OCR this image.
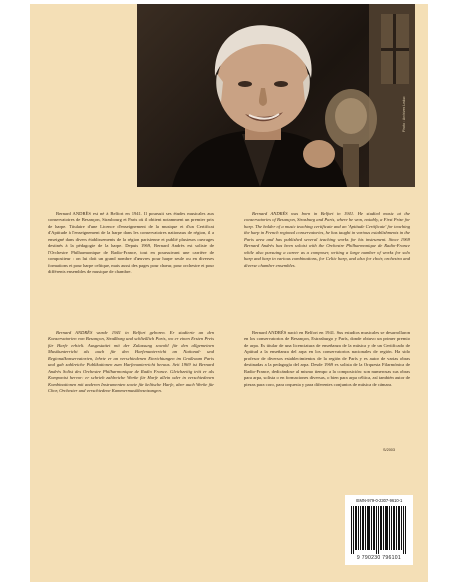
Photo : Archives Leduc

Bernard ANDRÈS est né à Belfort en 1941. Il poursuit ses études musicales aux conservatoires de Besançon, Strasbourg et Paris où il obtient notamment un premier prix de harpe. Titulaire d'une Licence d'enseignement de la musique et d'un Certificat d'Aptitude à l'enseignement de la harpe dans les conservatoires nationaux de région, il a enseigné dans divers établissements de la région parisienne et publié plusieurs ouvrages destinés à la pédagogie de la harpe. Depuis 1969, Bernard Andrès est soliste de l'Orchestre Philharmonique de Radio-France, tout en poursuivant une carrière de compositeur : on lui doit un grand nombre d'œuvres pour harpe seule ou en diverses formations et pour harpe celtique, mais aussi des pages pour chœur, pour orchestre et pour différents ensembles de musique de chambre.

Bernard ANDRÈS was born in Belfort in 1941. He studied music at the conservatories of Besançon, Strasburg and Paris, where he won, notably, a First Prize for harp. The holder of a music teaching certificate and an 'Aptitude Certificate' for teaching the harp in French regional conservatories, he has taught in various establishments in the Paris area and has published several teaching works for his instrument. Since 1969 Bernard Andrès has been soloist with the Orchestre Philharmonique de Radio-France while also pursuing a career as a composer, writing a large number of works for solo harp and harp in various combinations, for Celtic harp, and also for choir, orchestra and diverse chamber ensembles.

Bernard ANDRÈS wurde 1941 in Belfort geboren. Er studierte an den Konservatorien von Besançon, Straßburg und schließlich Paris, wo er einen Ersten Preis für Harfe erhielt. Ausgestattet mit der Zulassung sowohl für den allgemeinen Musikunterricht als auch für den Harfenunterricht an National- und Regionalkonservatorien, lehrte er an verschiedenen Einrichtungen im Großraum Paris und gab zahlreiche Publikationen zum Harfenunterricht heraus. Seit 1969 ist Bernard Andrès Solist des Orchestre Philharmonique de Radio France. Gleichzeitig tritt er als Komponist hervor: er schrieb zahlreiche Werke für Harfe allein oder in verschiedenen Kombinationen mit anderen Instrumenten sowie für keltische Harfe, aber auch Werke für Chor, Orchester und verschiedene Kammermusikbesetzungen.

Bernard ANDRÈS nació en Belfort en 1941. Sus estudios musicales se desarrollaron en los conservatorios de Besançon, Estrasburgo y París, donde obtuvo un primer premio de arpa. Es titular de una licenciatura de enseñanza de la música y de un Certificado de Aptitud a la enseñanza del arpa en los conservatorios nacionales de región. Ha sido profesor de diversos establecimientos de la región de París y es autor de varias obras destinadas a la pedagogía del arpa. Desde 1969 es solista de la Orquesta Filarmónica de Radio-France, dedicándose al mismo tiempo a la composición: son numerosas sus obras para arpa, solista o en formaciones diversas, o bien para arpa céltica, así también autor de piezas para coro, para orquesta y para diferentes conjuntos de música de cámara.

S/2003
ISMN-979-0-2307-9610-1
9 790230 796101
